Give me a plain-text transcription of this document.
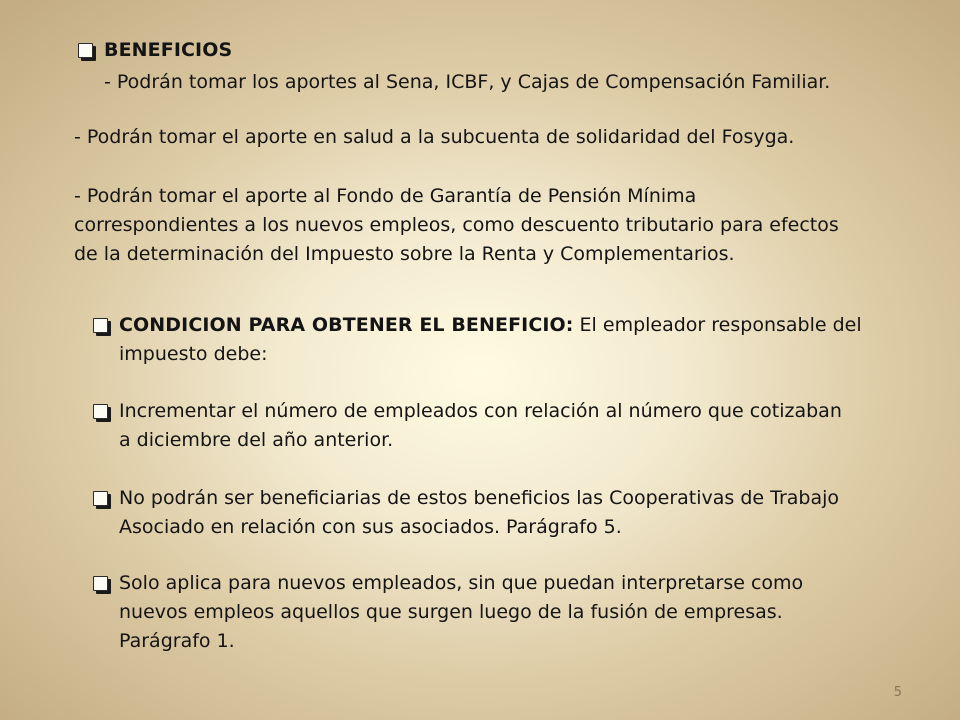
BENEFICIOS
- Podrán tomar los aportes al Sena, ICBF, y Cajas de Compensación Familiar.
- Podrán tomar el aporte en salud a la subcuenta de solidaridad del Fosyga.
- Podrán tomar el aporte al Fondo de Garantía de Pensión Mínima
correspondientes a los nuevos empleos, como descuento tributario para efectos
de la determinación del Impuesto sobre la Renta y Complementarios.
CONDICION PARA OBTENER EL BENEFICIO: El empleador responsable del
impuesto debe:
Incrementar el número de empleados con relación al número que cotizaban
a diciembre del año anterior.
No podrán ser beneficiarias de estos beneficios las Cooperativas de Trabajo
Asociado en relación con sus asociados. Parágrafo 5.
Solo aplica para nuevos empleados, sin que puedan interpretarse como
nuevos empleos aquellos que surgen luego de la fusión de empresas.
Parágrafo 1.
5
